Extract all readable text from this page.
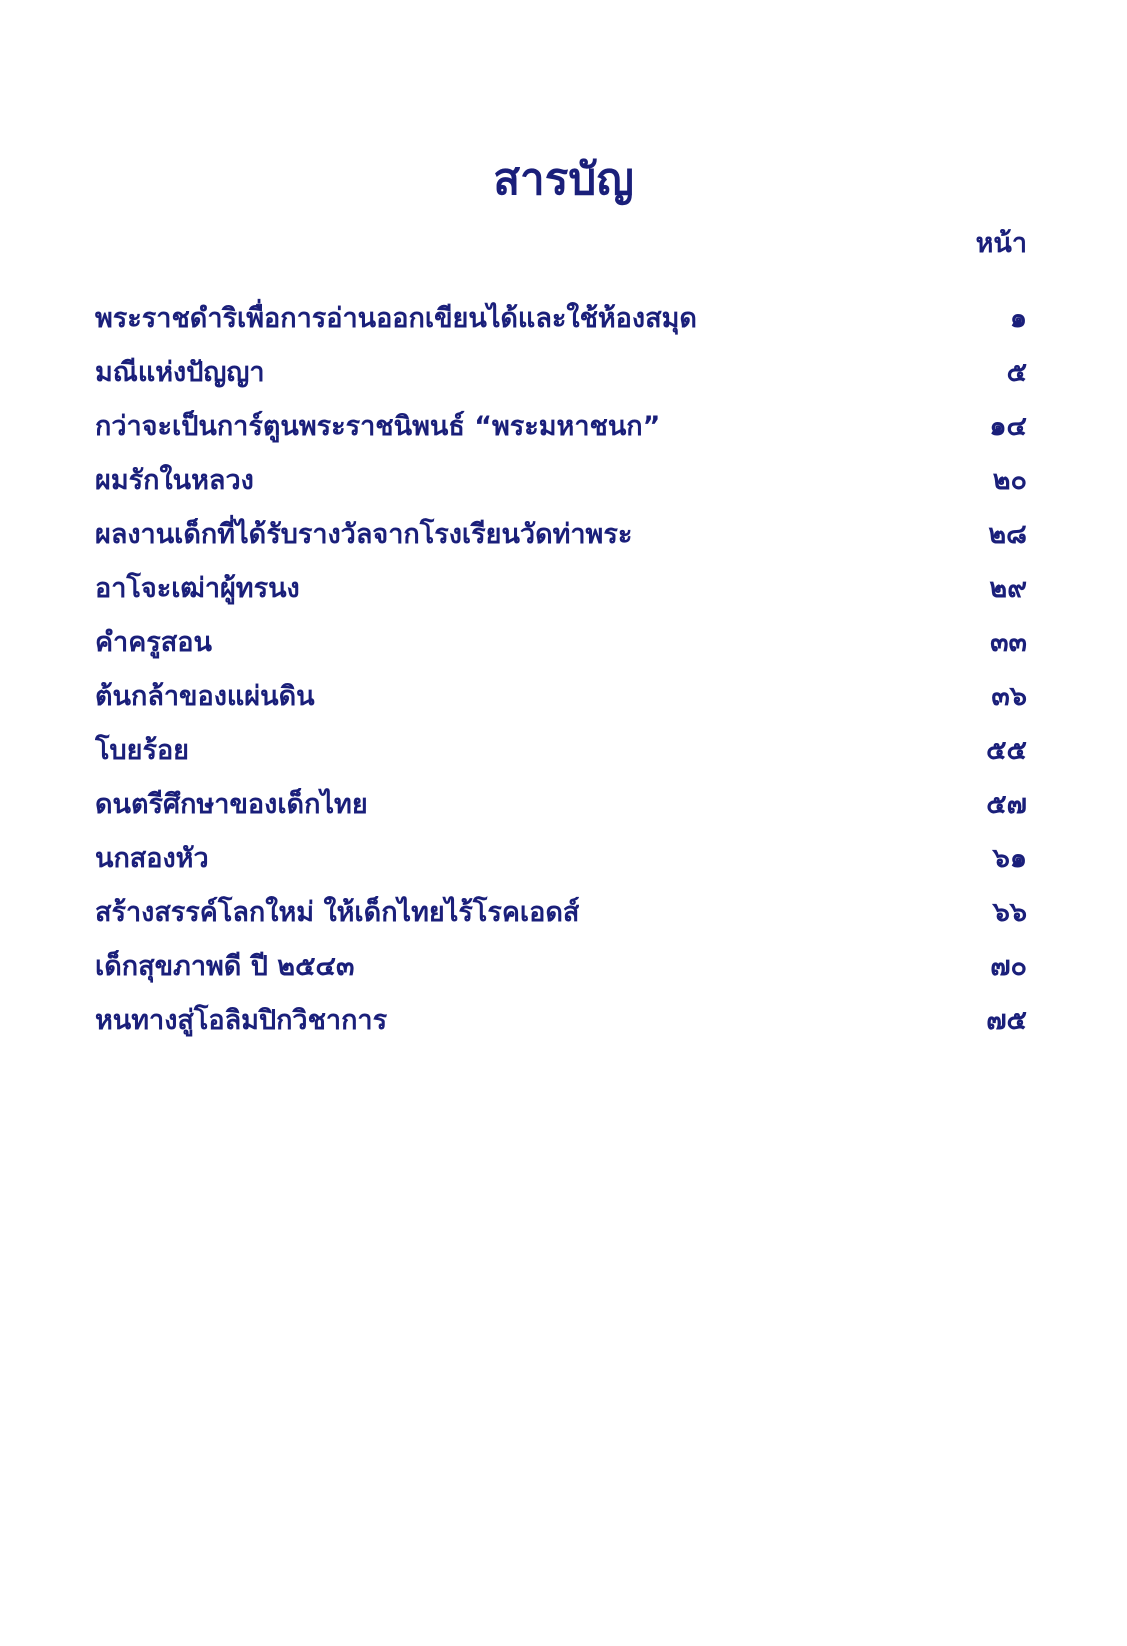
สารบัญ
หน้า
พระราชดำริเพื่อการอ่านออกเขียนได้และใช้ห้องสมุด	๑
มณีแห่งปัญญา	๕
กว่าจะเป็นการ์ตูนพระราชนิพนธ์ “พระมหาชนก”	๑๔
ผมรักในหลวง	๒๐
ผลงานเด็กที่ได้รับรางวัลจากโรงเรียนวัดท่าพระ	๒๘
อาโจะเฒ่าผู้ทรนง	๒๙
คำครูสอน	๓๓
ต้นกล้าของแผ่นดิน	๓๖
โบยร้อย	๕๕
ดนตรีศึกษาของเด็กไทย	๕๗
นกสองหัว	๖๑
สร้างสรรค์โลกใหม่ ให้เด็กไทยไร้โรคเอดส์	๖๖
เด็กสุขภาพดี ปี ๒๕๔๓	๗๐
หนทางสู่โอลิมปิกวิชาการ	๗๕
